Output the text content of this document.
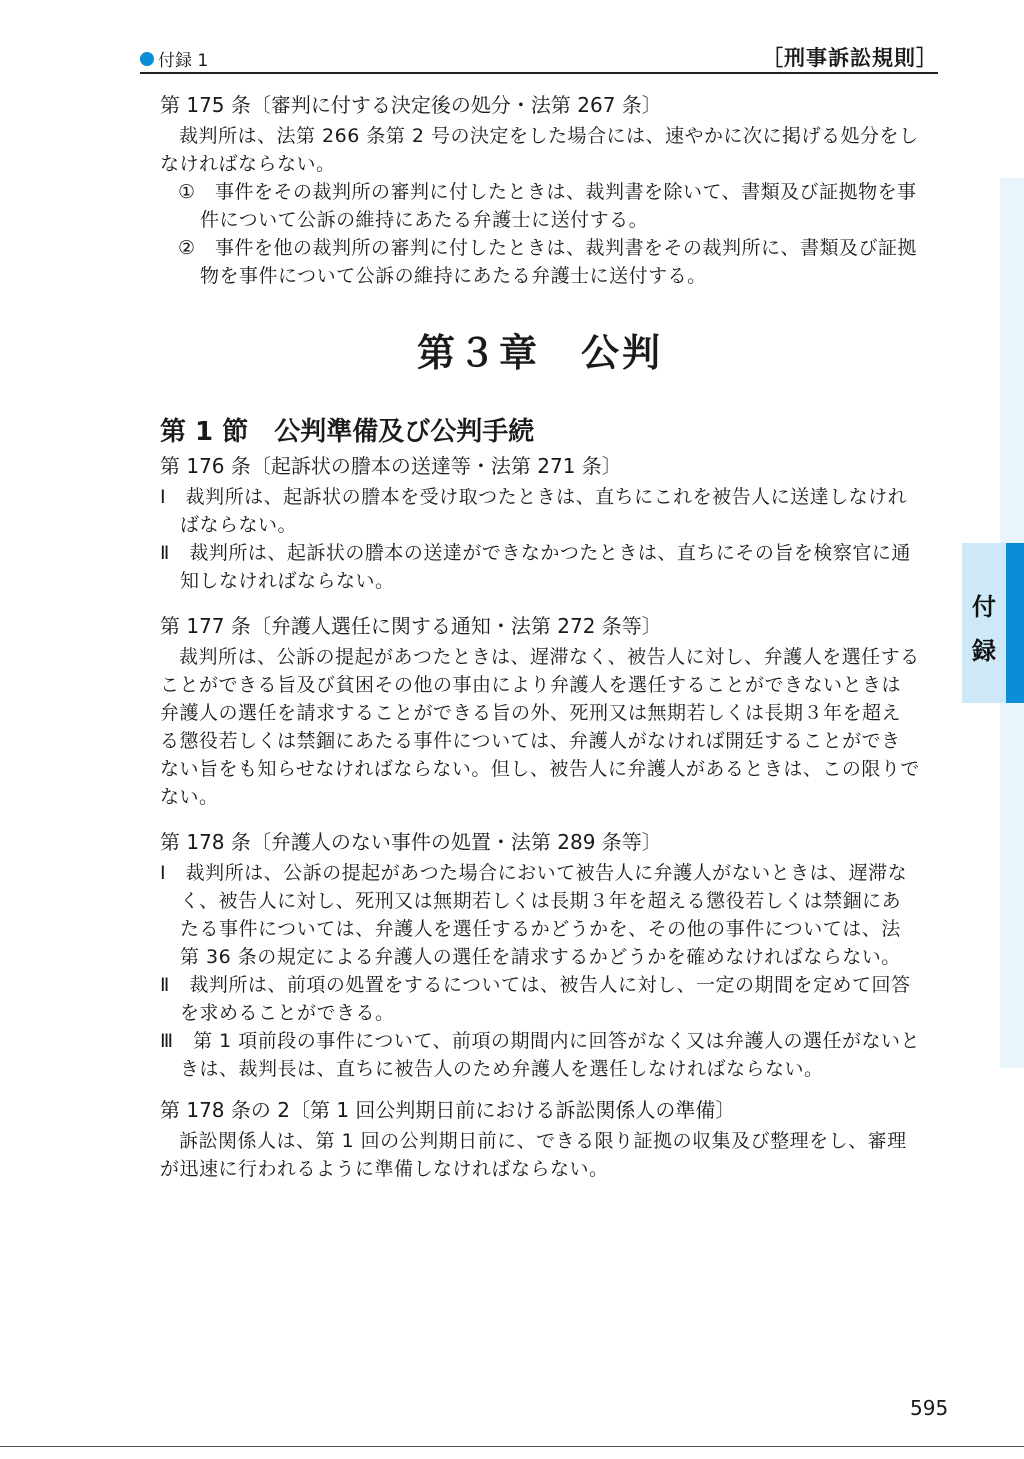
付録 1	［刑事訴訟規則］
付
録
第 175 条〔審判に付する決定後の処分・法第 267 条〕

裁判所は、法第 266 条第 2 号の決定をした場合には、速やかに次に掲げる処分をしなければならない。

①　事件をその裁判所の審判に付したときは、裁判書を除いて、書類及び証拠物を事件について公訴の維持にあたる弁護士に送付する。

②　事件を他の裁判所の審判に付したときは、裁判書をその裁判所に、書類及び証拠物を事件について公訴の維持にあたる弁護士に送付する。

第３章　公判
第 1 節　公判準備及び公判手続
第 176 条〔起訴状の謄本の送達等・法第 271 条〕

Ⅰ　裁判所は、起訴状の謄本を受け取つたときは、直ちにこれを被告人に送達しなければならない。

Ⅱ　裁判所は、起訴状の謄本の送達ができなかつたときは、直ちにその旨を検察官に通知しなければならない。

第 177 条〔弁護人選任に関する通知・法第 272 条等〕

裁判所は、公訴の提起があつたときは、遅滞なく、被告人に対し、弁護人を選任することができる旨及び貧困その他の事由により弁護人を選任することができないときは弁護人の選任を請求することができる旨の外、死刑又は無期若しくは長期３年を超える懲役若しくは禁錮にあたる事件については、弁護人がなければ開廷することができない旨をも知らせなければならない。但し、被告人に弁護人があるときは、この限りでない。

第 178 条〔弁護人のない事件の処置・法第 289 条等〕

Ⅰ　裁判所は、公訴の提起があつた場合において被告人に弁護人がないときは、遅滞なく、被告人に対し、死刑又は無期若しくは長期３年を超える懲役若しくは禁錮にあたる事件については、弁護人を選任するかどうかを、その他の事件については、法第 36 条の規定による弁護人の選任を請求するかどうかを確めなければならない。

Ⅱ　裁判所は、前項の処置をするについては、被告人に対し、一定の期間を定めて回答を求めることができる。

Ⅲ　第 1 項前段の事件について、前項の期間内に回答がなく又は弁護人の選任がないときは、裁判長は、直ちに被告人のため弁護人を選任しなければならない。

第 178 条の 2〔第 1 回公判期日前における訴訟関係人の準備〕

訴訟関係人は、第 1 回の公判期日前に、できる限り証拠の収集及び整理をし、審理が迅速に行われるように準備しなければならない。

595
